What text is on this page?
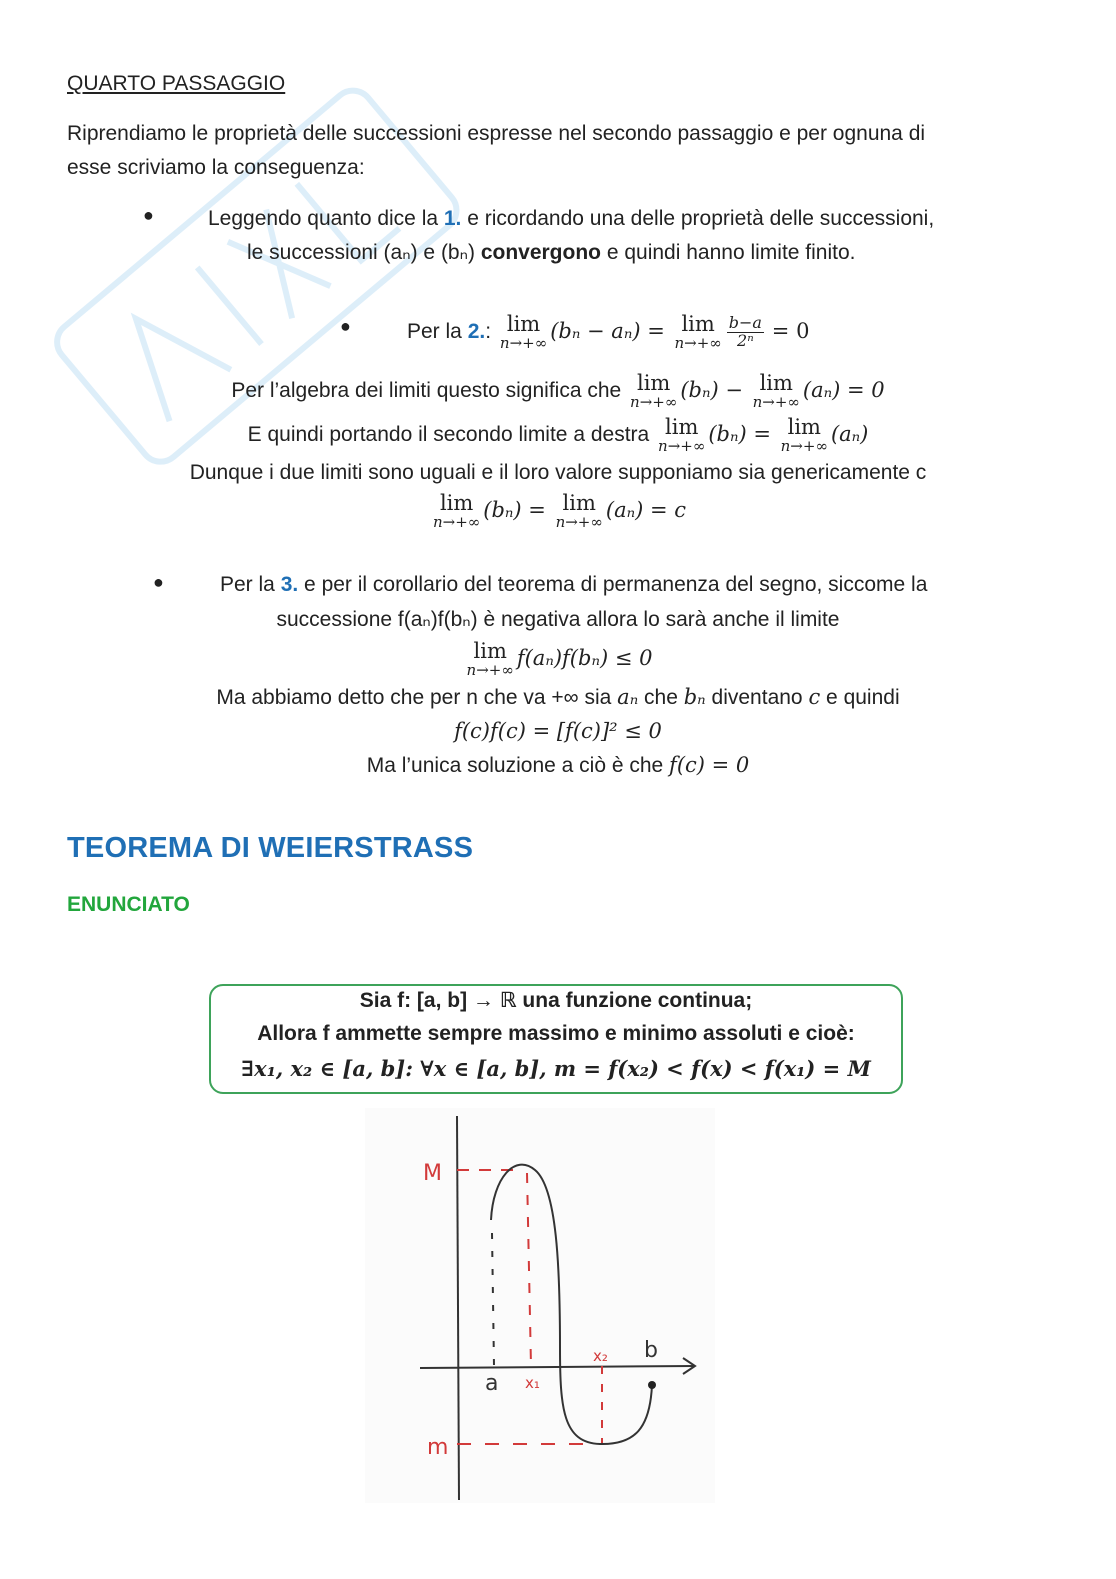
QUARTO PASSAGGIO
Riprendiamo le proprietà delle successioni espresse nel secondo passaggio e per ognuna di
esse scriviamo la conseguenza:
●	Leggendo quanto dice la 1. e ricordando una delle proprietà delle successioni,
le successioni (aₙ) e (bₙ) convergono e quindi hanno limite finito.
●	Per la 2.: lim
n→+∞ (bₙ − aₙ) = lim
$n\to+\infty \frac{b-a}{\text{2ⁿ}} = 0$
Per l’algebra dei limiti questo significa che lim
n→+∞ (bₙ) − lim
n→+∞ (aₙ) = 0
E quindi portando il secondo limite a destra lim
n→+∞ (bₙ) = lim
n→+∞ (aₙ)
Dunque i due limiti sono uguali e il loro valore supponiamo sia genericamente c
lim
n→+∞ (bₙ) = lim
n→+∞ (aₙ) = c
●	Per la 3. e per il corollario del teorema di permanenza del segno, siccome la
successione f(aₙ)f(bₙ) è negativa allora lo sarà anche il limite
lim
n→+∞ f(aₙ)f(bₙ) ≤ 0
Ma abbiamo detto che per n che va +∞ sia aₙ che bₙ diventano c e quindi
f(c)f(c) = [f(c)]² ≤ 0
Ma l’unica soluzione a ciò è che f(c) = 0
TEOREMA DI WEIERSTRASS
ENUNCIATO
Sia f: [a, b] → ℝ una funzione continua;
Allora f ammette sempre massimo e minimo assoluti e cioè:
∃x₁, x₂ ∈ [a, b]: ∀x ∈ [a, b], m = f(x₂) < f(x) < f(x₁) = M
M
m
a x₁
x₂ b
